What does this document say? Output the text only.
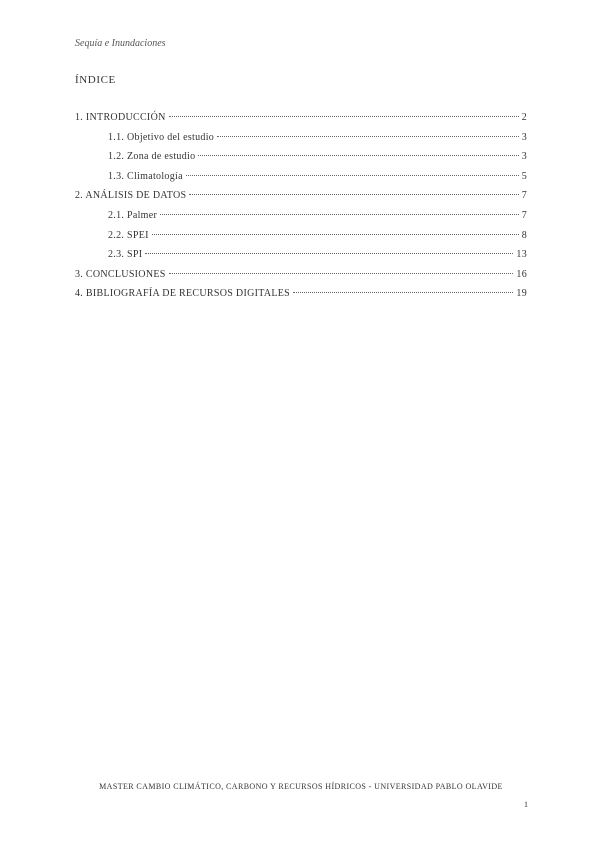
Sequía e Inundaciones
ÍNDICE
1. INTRODUCCIÓN	2
1.1. Objetivo del estudio	3
1.2. Zona de estudio	3
1.3. Climatología	5
2. ANÁLISIS DE DATOS	7
2.1. Palmer	7
2.2. SPEI	8
2.3. SPI	13
3. CONCLUSIONES	16
4. BIBLIOGRAFÍA DE RECURSOS DIGITALES	19
MASTER CAMBIO CLIMÁTICO, CARBONO Y RECURSOS HÍDRICOS - UNIVERSIDAD PABLO OLAVIDE
1
